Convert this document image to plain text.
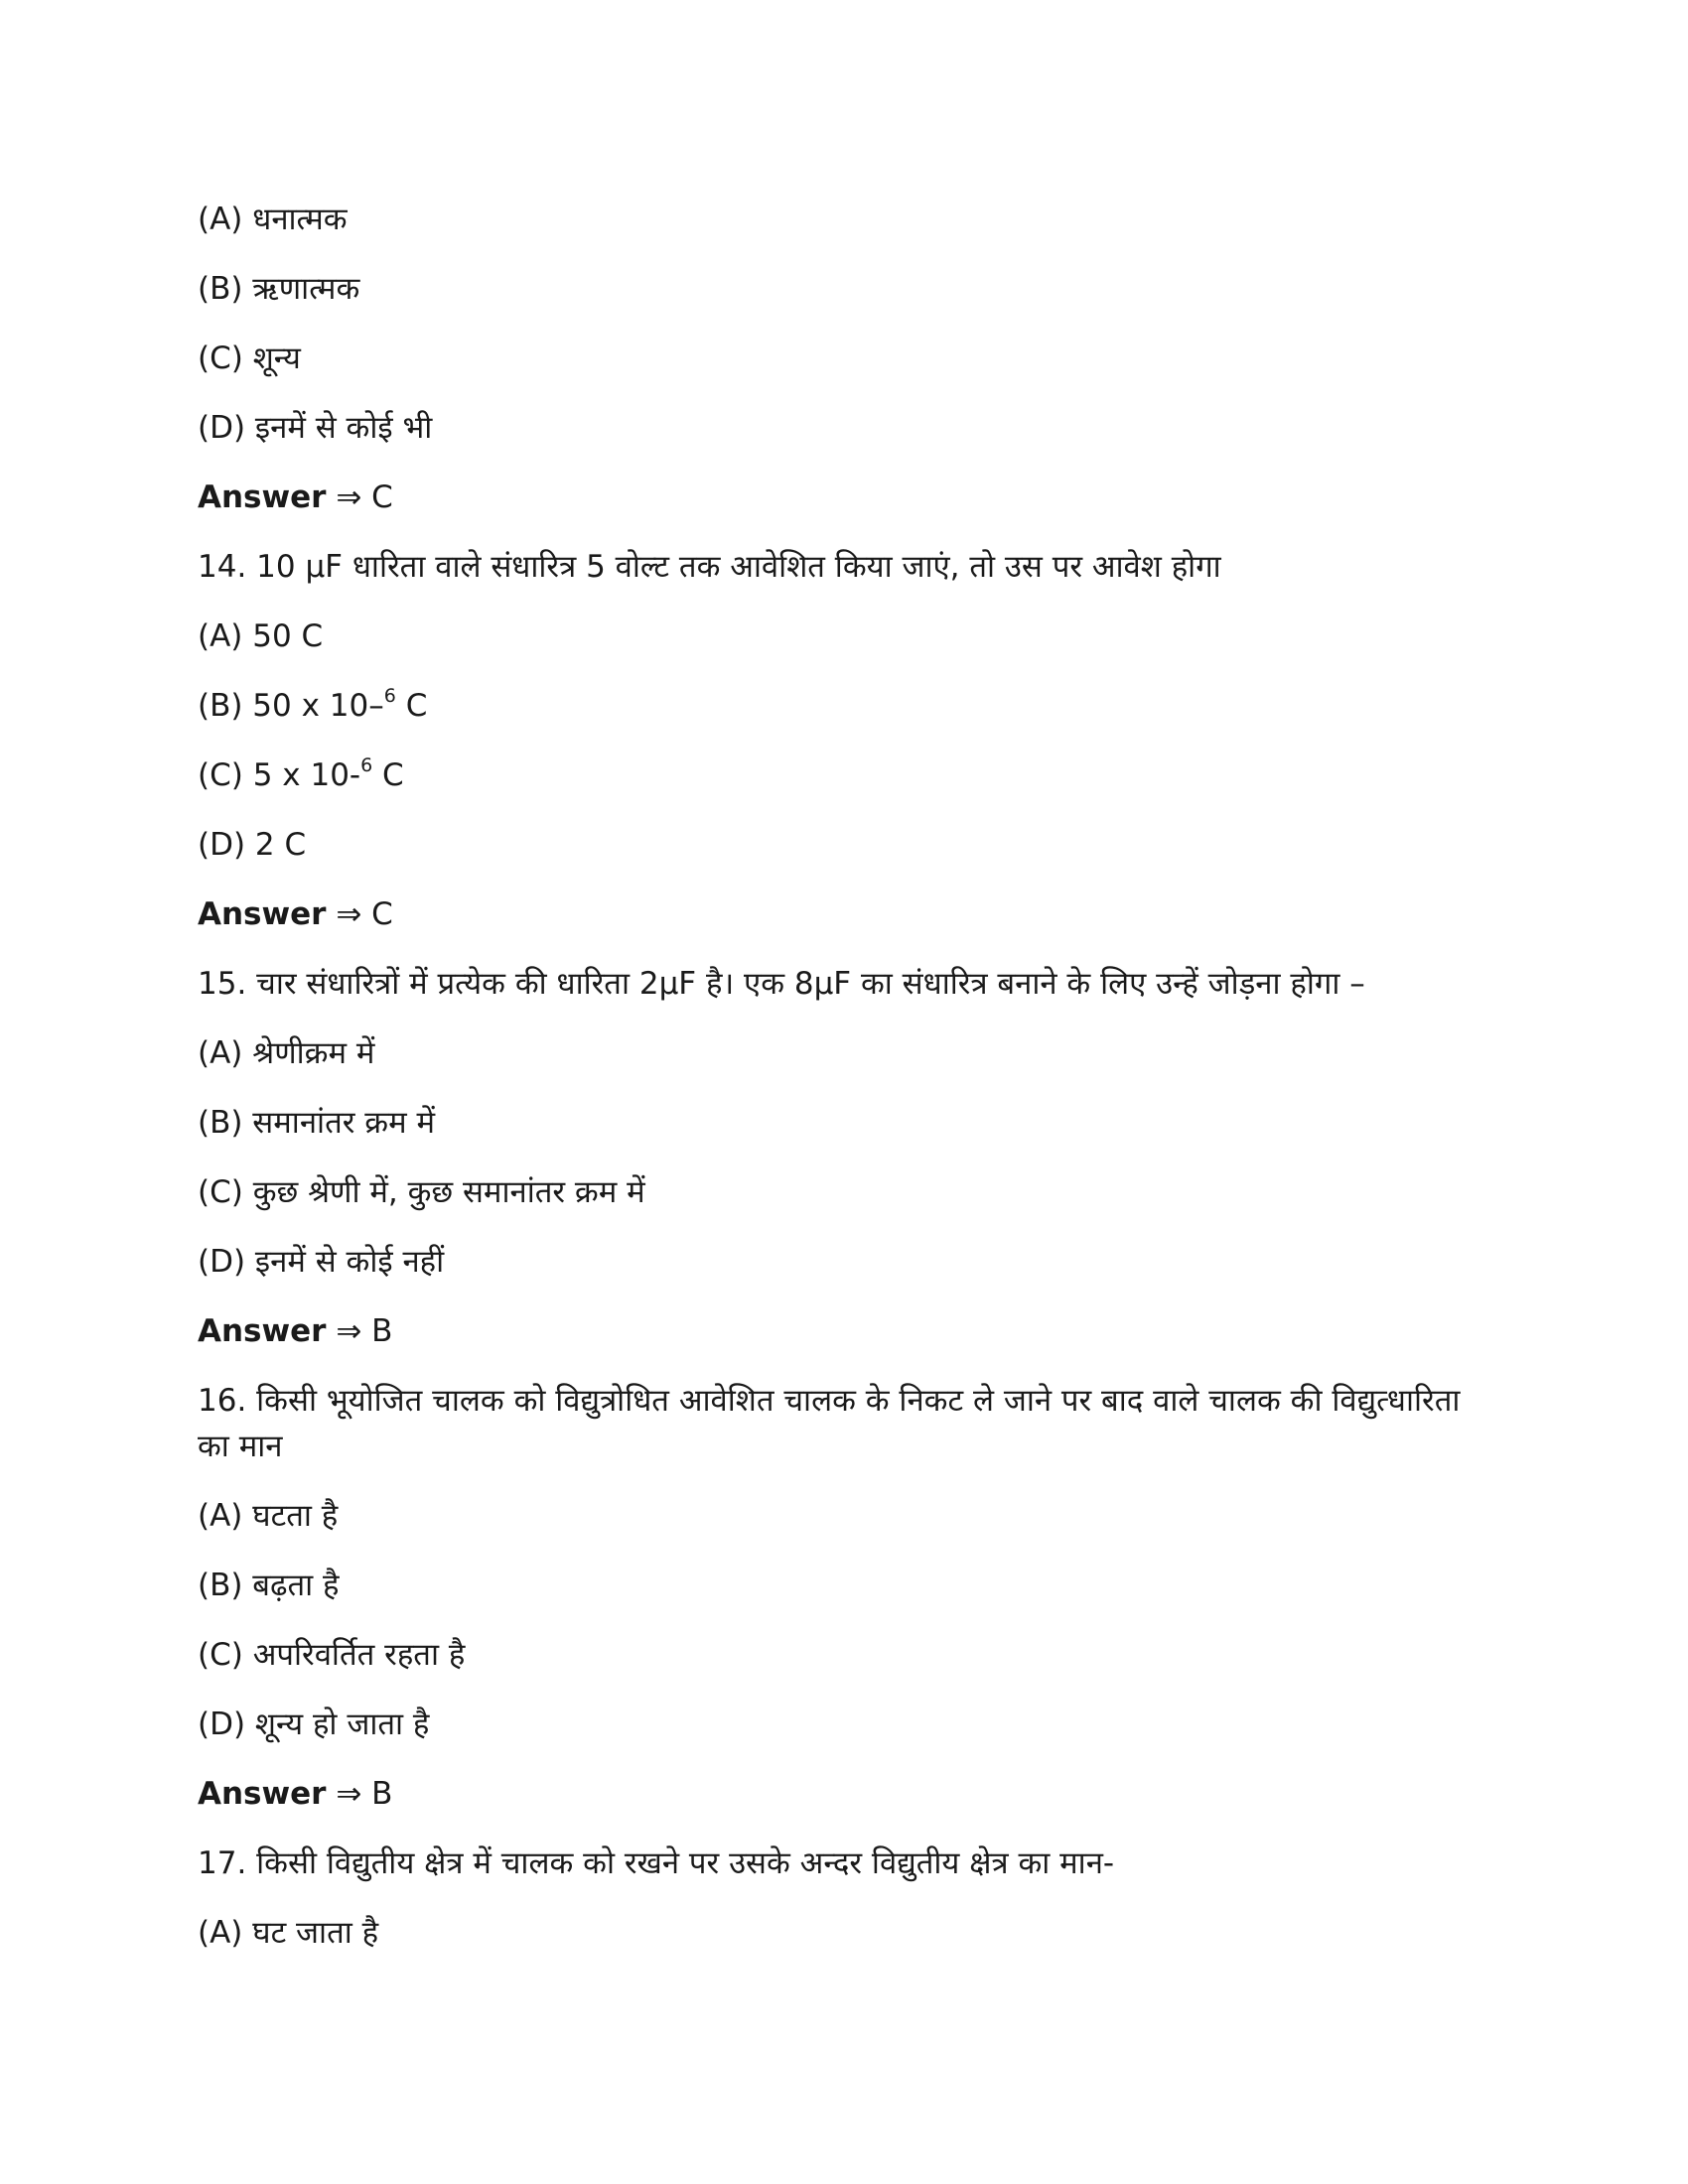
(A) धनात्मक
(B) ऋणात्मक
(C) शून्य
(D) इनमें से कोई भी
Answer ⇒ C
14. 10 μF धारिता वाले संधारित्र 5 वोल्ट तक आवेशित किया जाएं, तो उस पर आवेश होगा
(A) 50 C
(B) 50 x 10–$^6$ C
(C) 5 x 10-$^6$ C
(D) 2 C
Answer ⇒ C
15. चार संधारित्रों में प्रत्येक की धारिता 2μF है। एक 8μF का संधारित्र बनाने के लिए उन्हें जोड़ना होगा –
(A) श्रेणीक्रम में
(B) समानांतर क्रम में
(C) कुछ श्रेणी में, कुछ समानांतर क्रम में
(D) इनमें से कोई नहीं
Answer ⇒ B
16. किसी भूयोजित चालक को विद्युत्रोधित आवेशित चालक के निकट ले जाने पर बाद वाले चालक की विद्युत्धारिता का मान
(A) घटता है
(B) बढ़ता है
(C) अपरिवर्तित रहता है
(D) शून्य हो जाता है
Answer ⇒ B
17. किसी विद्युतीय क्षेत्र में चालक को रखने पर उसके अन्दर विद्युतीय क्षेत्र का मान-
(A) घट जाता है
